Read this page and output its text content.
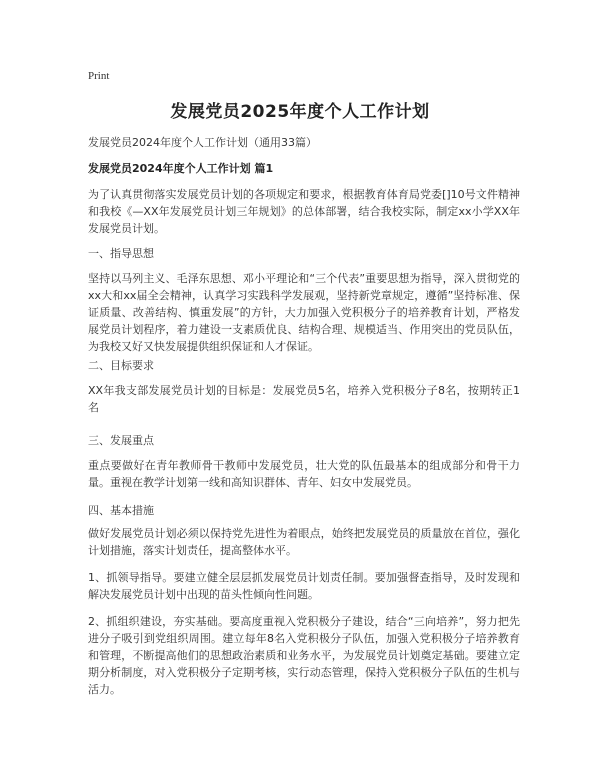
Print
发展党员2025年度个人工作计划
发展党员2024年度个人工作计划（通用33篇）
发展党员2024年度个人工作计划 篇1

为了认真贯彻落实发展党员计划的各项规定和要求，根据教育体育局党委[]10号文件精神和我校《—XX年发展党员计划三年规划》的总体部署，结合我校实际，制定xx小学XX年发展党员计划。

一、指导思想

坚持以马列主义、毛泽东思想、邓小平理论和“三个代表”重要思想为指导，深入贯彻党的xx大和xx届全会精神，认真学习实践科学发展观，坚持新党章规定，遵循”坚持标准、保证质量、改善结构、慎重发展”的方针，大力加强入党积极分子的培养教育计划，严格发展党员计划程序，着力建设一支素质优良、结构合理、规模适当、作用突出的党员队伍，为我校又好又快发展提供组织保证和人才保证。

二、目标要求

XX年我支部发展党员计划的目标是：发展党员5名，培养入党积极分子8名，按期转正1名

三、发展重点

重点要做好在青年教师骨干教师中发展党员，壮大党的队伍最基本的组成部分和骨干力量。重视在教学计划第一线和高知识群体、青年、妇女中发展党员。

四、基本措施

做好发展党员计划必须以保持党先进性为着眼点，始终把发展党员的质量放在首位，强化计划措施，落实计划责任，提高整体水平。

1、抓领导指导。要建立健全层层抓发展党员计划责任制。要加强督查指导，及时发现和解决发展党员计划中出现的苗头性倾向性问题。

2、抓组织建设，夯实基础。要高度重视入党积极分子建设，结合“三向培养”，努力把先进分子吸引到党组织周围。建立每年8名入党积极分子队伍，加强入党积极分子培养教育和管理，不断提高他们的思想政治素质和业务水平，为发展党员计划奠定基础。要建立定期分析制度，对入党积极分子定期考核，实行动态管理，保持入党积极分子队伍的生机与活力。
